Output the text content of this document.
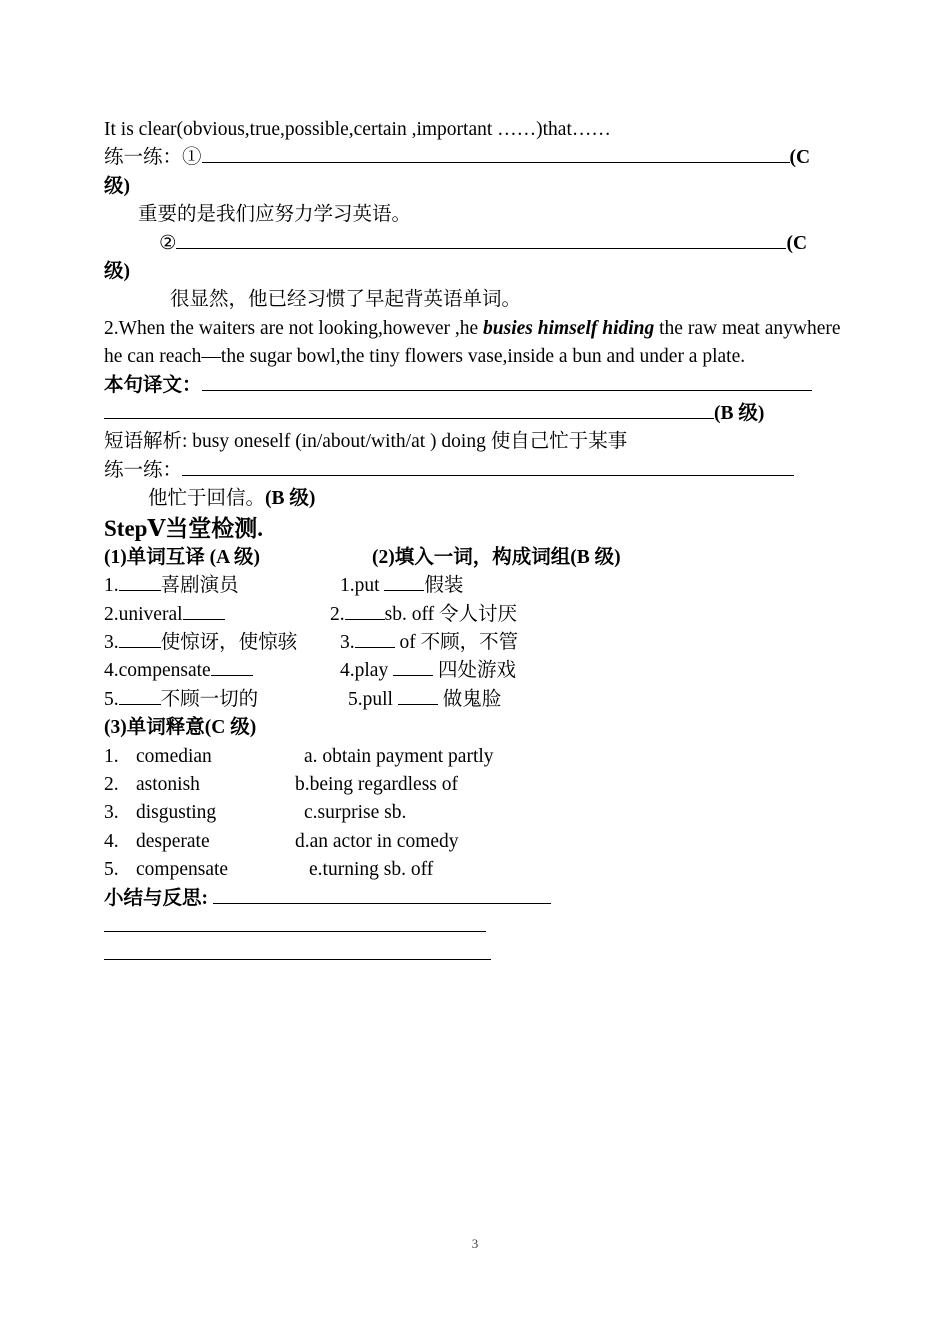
It is clear(obvious,true,possible,certain ,important ……)that……
练一练：①	(C
级)
重要的是我们应努力学习英语。
②	(C
级)
很显然，他已经习惯了早起背英语单词。
2.When the waiters are not looking,however ,he busies himself hiding the raw meat anywhere he can reach—the sugar bowl,the tiny flowers vase,inside a bun and under a plate.
本句译文：
(B 级)
短语解析: busy oneself (in/about/with/at ) doing 使自己忙于某事
练一练：
他忙于回信。(B 级)
StepⅤ当堂检测.
(1)单词互译 (A 级)	(2)填入一词，构成词组(B 级)
1. 喜剧演员	1.put 假装
2.univeral	2. sb. off 令人讨厌
3. 使惊讶，使惊骇	3. of 不顾，不管
4.compensate	4.play  四处游戏
5. 不顾一切的	5.pull  做鬼脸
(3)单词释意(C 级)
1. comedian	a. obtain payment partly
2. astonish	b.being regardless of
3. disgusting	c.surprise sb.
4. desperate	d.an actor in comedy
5. compensate	e.turning sb. off
小结与反思:
3
